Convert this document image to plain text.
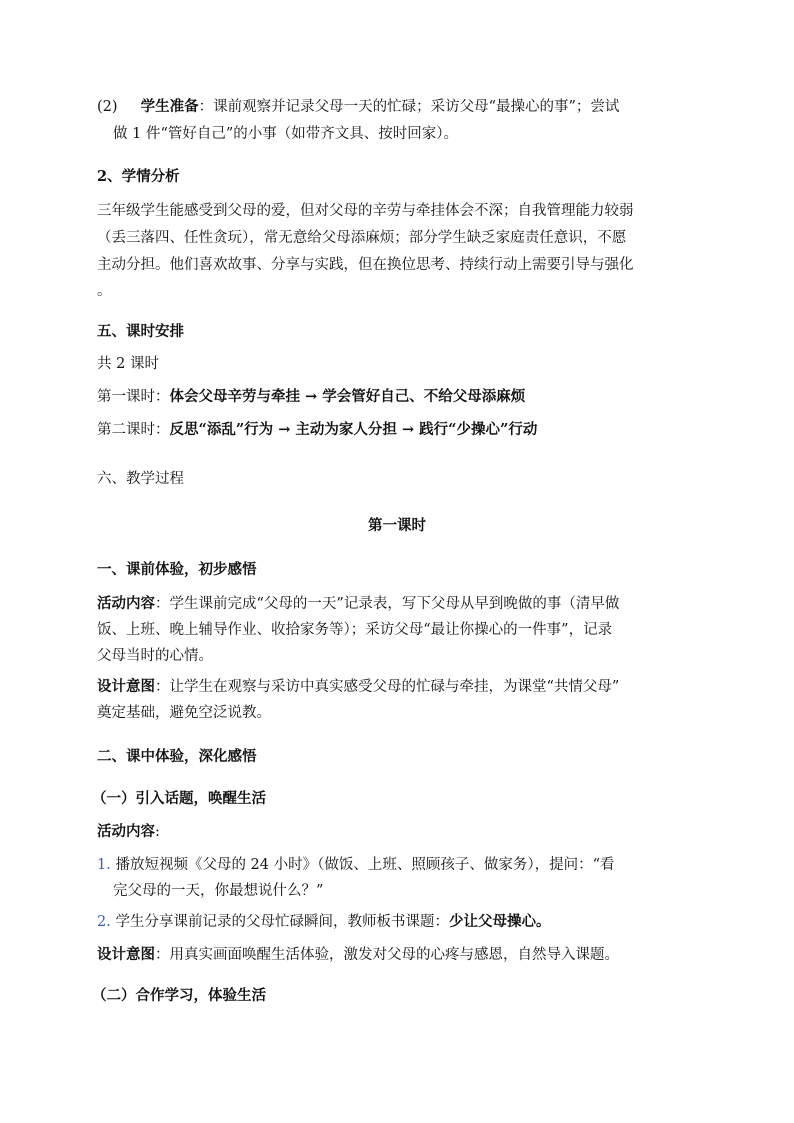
(2) 学生准备：课前观察并记录父母一天的忙碌；采访父母“最操心的事”；尝试
做 1 件“管好自己”的小事（如带齐文具、按时回家）。
2、学情分析
三年级学生能感受到父母的爱，但对父母的辛劳与牵挂体会不深；自我管理能力较弱
（丢三落四、任性贪玩），常无意给父母添麻烦；部分学生缺乏家庭责任意识，不愿
主动分担。他们喜欢故事、分享与实践，但在换位思考、持续行动上需要引导与强化
。
五、课时安排
共 2 课时
第一课时：体会父母辛劳与牵挂 → 学会管好自己、不给父母添麻烦
第二课时：反思“添乱”行为 → 主动为家人分担 → 践行“少操心”行动
六、教学过程
第一课时
一、课前体验，初步感悟
活动内容：学生课前完成“父母的一天”记录表，写下父母从早到晚做的事（清早做
饭、上班、晚上辅导作业、收拾家务等）；采访父母“最让你操心的一件事”，记录
父母当时的心情。
设计意图：让学生在观察与采访中真实感受父母的忙碌与牵挂，为课堂“共情父母”
奠定基础，避免空泛说教。
二、课中体验，深化感悟
（一）引入话题，唤醒生活
活动内容:
1. 播放短视频《父母的 24 小时》（做饭、上班、照顾孩子、做家务），提问：“看
完父母的一天，你最想说什么？”
2. 学生分享课前记录的父母忙碌瞬间，教师板书课题：少让父母操心。
设计意图：用真实画面唤醒生活体验，激发对父母的心疼与感恩，自然导入课题。
（二）合作学习，体验生活
